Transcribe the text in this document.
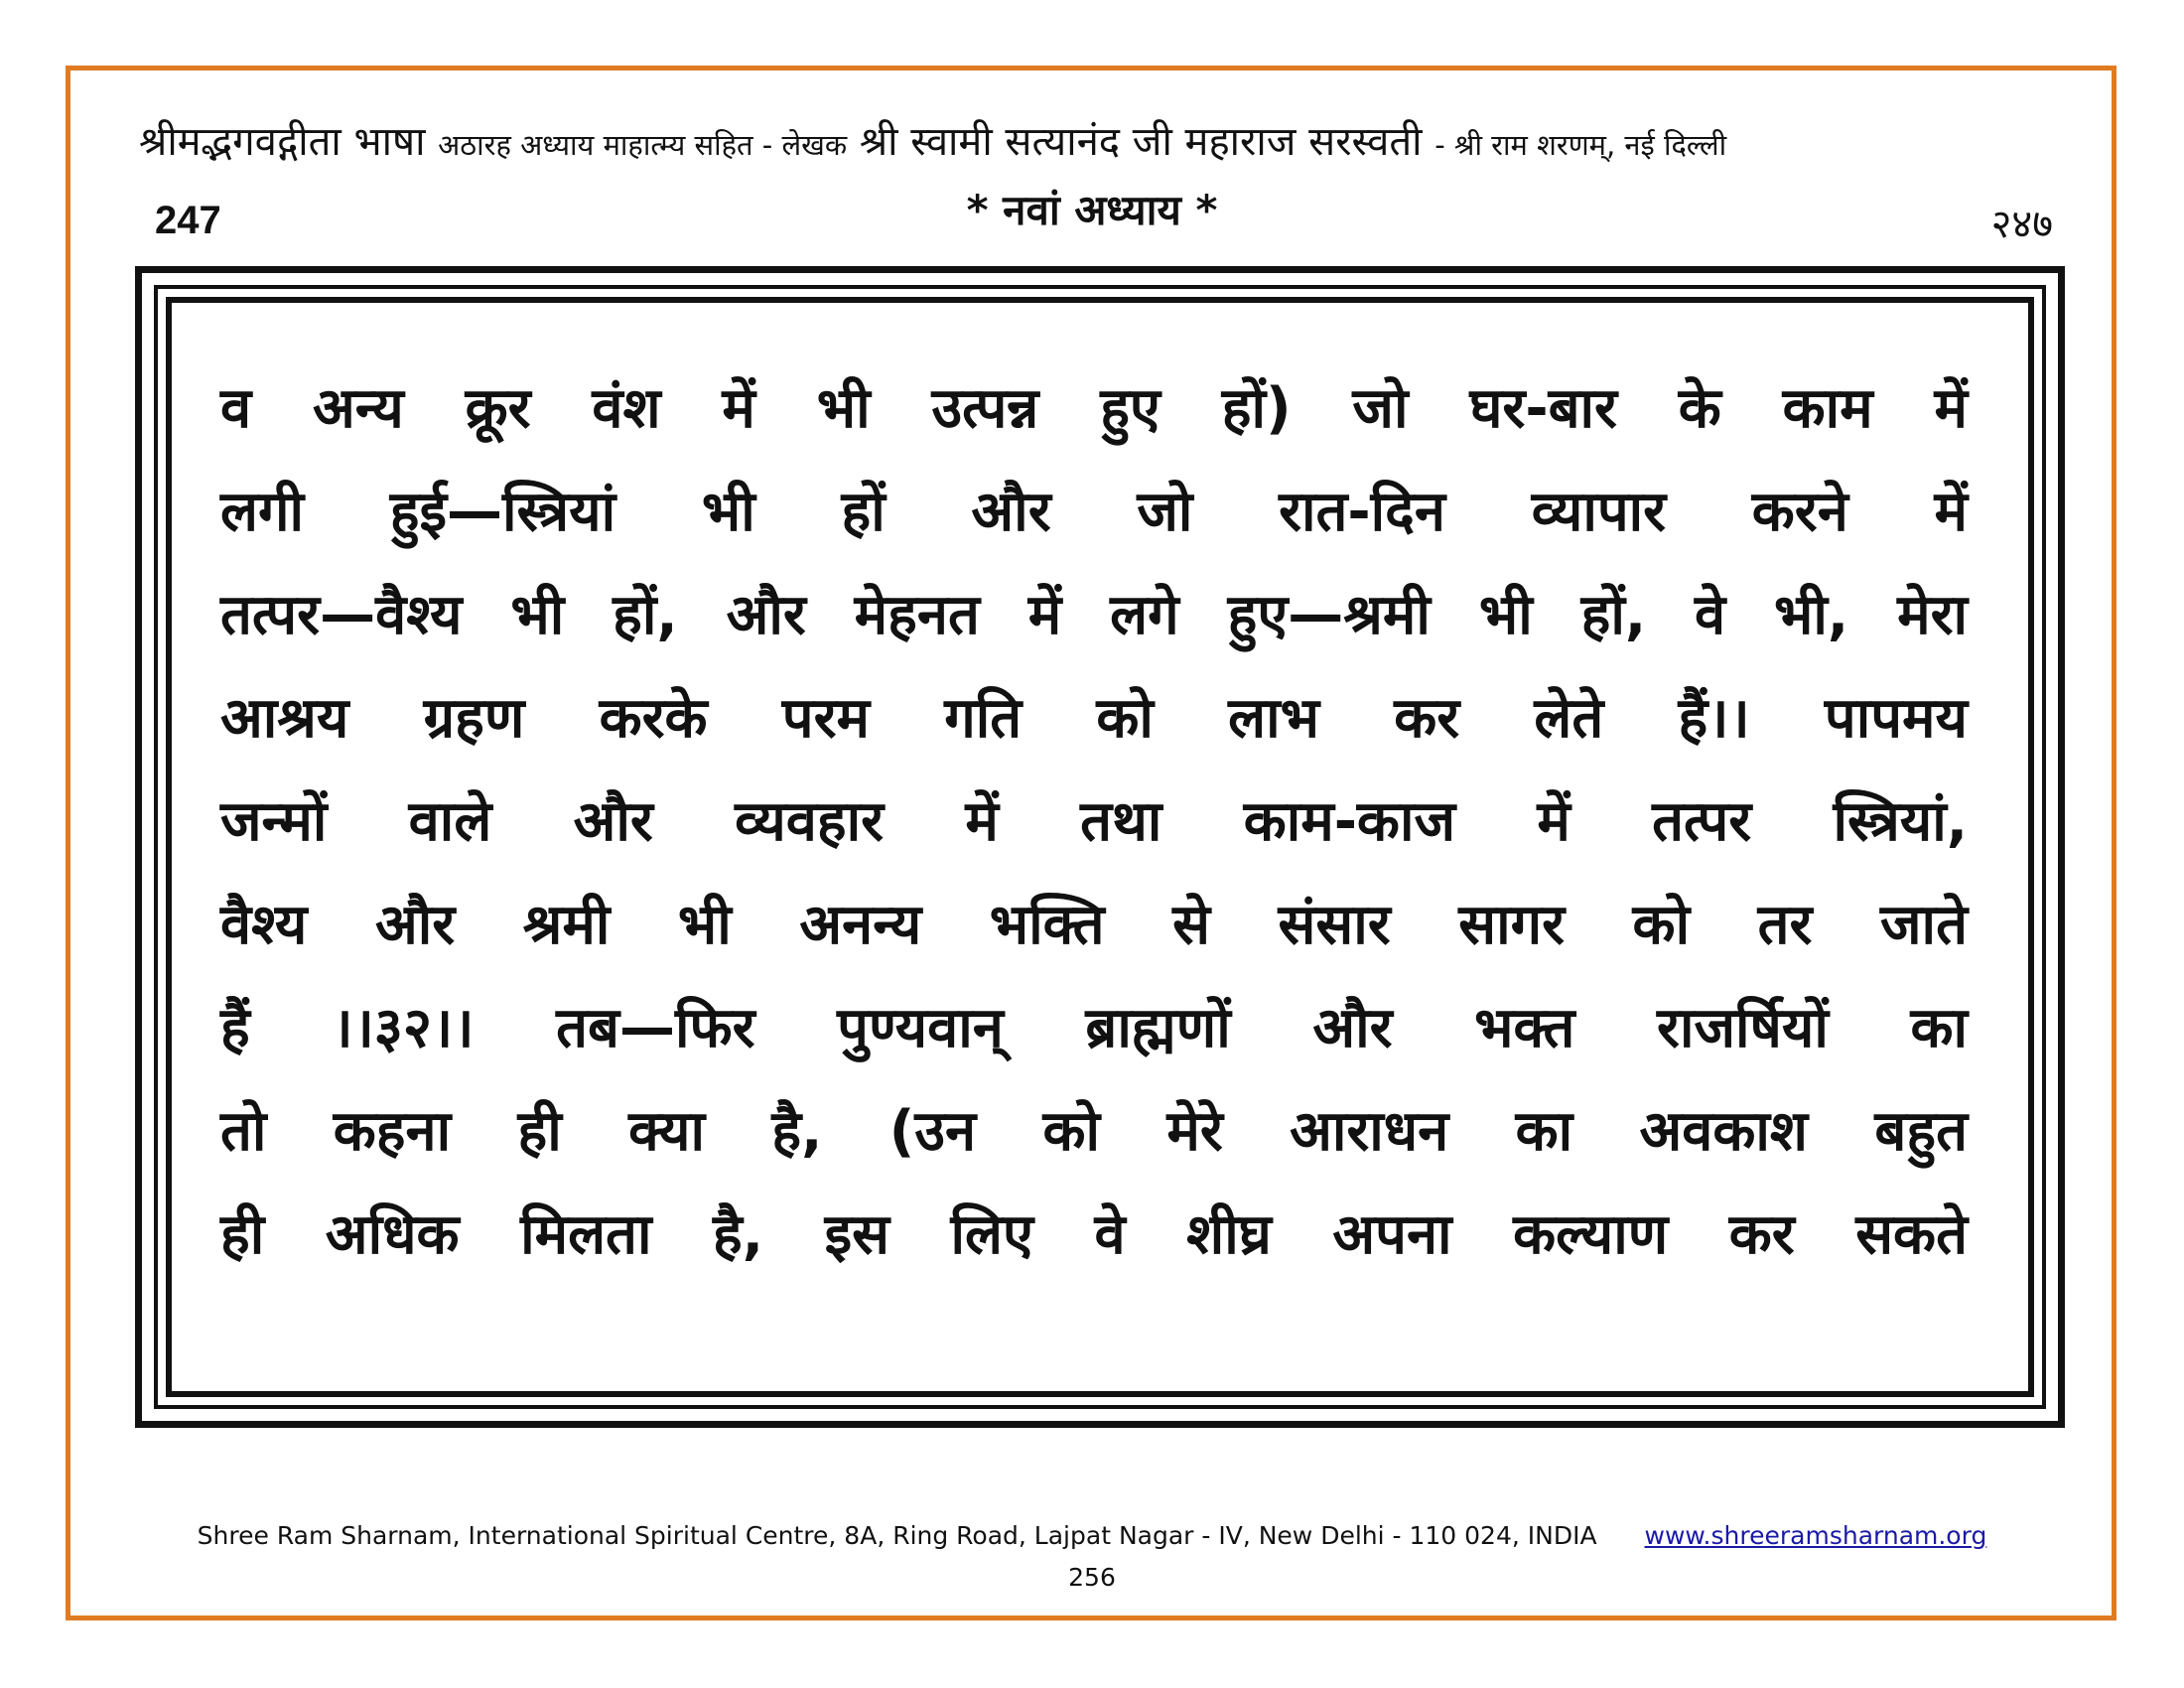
श्रीमद्भगवद्गीता भाषा अठारह अध्याय माहात्म्य सहित - लेखक श्री स्वामी सत्यानंद जी महाराज सरस्वती - श्री राम शरणम्, नई दिल्ली
* नवां अध्याय *
247	२४७
व अन्य क्रूर वंश में भी उत्पन्न हुए हों) जो घर-बार के काम में
लगी हुई—स्त्रियां भी हों और जो रात-दिन व्यापार करने में
तत्पर—वैश्य भी हों, और मेहनत में लगे हुए—श्रमी भी हों, वे भी, मेरा
आश्रय ग्रहण करके परम गति को लाभ कर लेते हैं।। पापमय
जन्मों वाले और व्यवहार में तथा काम-काज में तत्पर स्त्रियां,
वैश्य और श्रमी भी अनन्य भक्ति से संसार सागर को तर जाते
हैं ।।३२।। तब—फिर पुण्यवान् ब्राह्मणों और भक्त राजर्षियों का
तो कहना ही क्या है, (उन को मेरे आराधन का अवकाश बहुत
ही अधिक मिलता है, इस लिए वे शीघ्र अपना कल्याण कर सकते
Shree Ram Sharnam, International Spiritual Centre, 8A, Ring Road, Lajpat Nagar - IV, New Delhi - 110 024, INDIA www.shreeramsharnam.org
256
